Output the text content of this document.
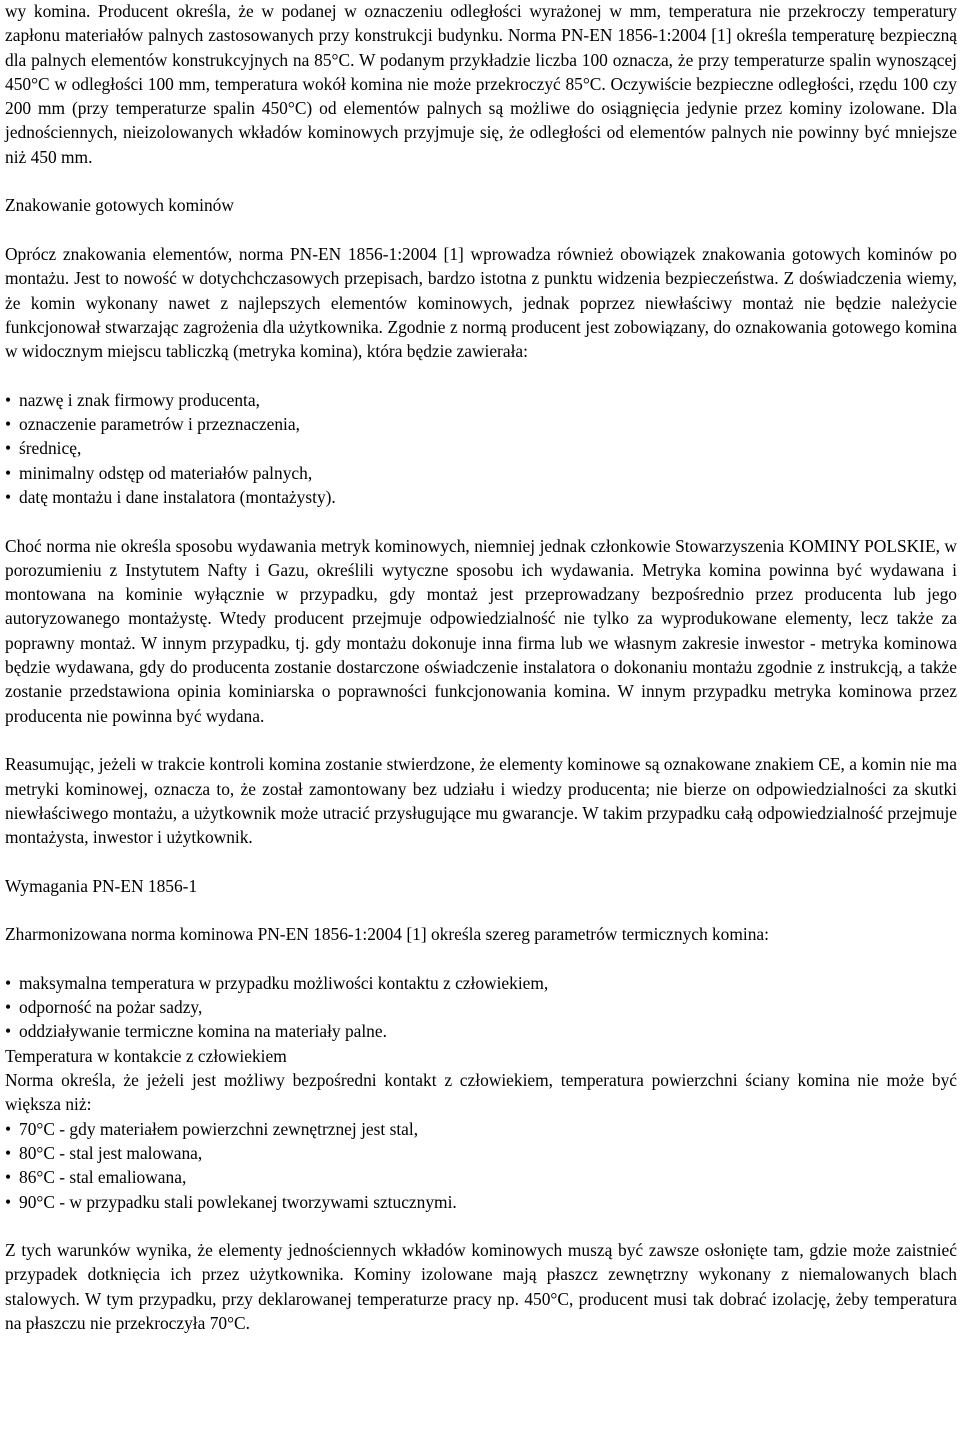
wy komina. Producent określa, że w podanej w oznaczeniu odległości wyrażonej w mm, temperatura nie przekroczy temperatury zapłonu materiałów palnych zastosowanych przy konstrukcji budynku. Norma PN-EN 1856-1:2004 [1] określa temperaturę bezpieczną dla palnych elementów konstrukcyjnych na 85°C. W podanym przykładzie liczba 100 oznacza, że przy temperaturze spalin wynoszącej 450°C w odległości 100 mm, temperatura wokół komina nie może przekroczyć 85°C. Oczywiście bezpieczne odległości, rzędu 100 czy 200 mm (przy temperaturze spalin 450°C) od elementów palnych są możliwe do osiągnięcia jedynie przez kominy izolowane. Dla jednościennych, nieizolowanych wkładów kominowych przyjmuje się, że odległości od elementów palnych nie powinny być mniejsze niż 450 mm.

Znakowanie gotowych kominów

Oprócz znakowania elementów, norma PN-EN 1856-1:2004 [1] wprowadza również obowiązek znakowania gotowych kominów po montażu. Jest to nowość w dotychchczasowych przepisach, bardzo istotna z punktu widzenia bezpieczeństwa. Z doświadczenia wiemy, że komin wykonany nawet z najlepszych elementów kominowych, jednak poprzez niewłaściwy montaż nie będzie należycie funkcjonował stwarzając zagrożenia dla użytkownika. Zgodnie z normą producent jest zobowiązany, do oznakowania gotowego komina w widocznym miejscu tabliczką (metryka komina), która będzie zawierała:

• nazwę i znak firmowy producenta,
• oznaczenie parametrów i przeznaczenia,
• średnicę,
• minimalny odstęp od materiałów palnych,
• datę montażu i dane instalatora (montażysty).

Choć norma nie określa sposobu wydawania metryk kominowych, niemniej jednak członkowie Stowarzyszenia KOMINY POLSKIE, w porozumieniu z Instytutem Nafty i Gazu, określili wytyczne sposobu ich wydawania. Metryka komina powinna być wydawana i montowana na kominie wyłącznie w przypadku, gdy montaż jest przeprowadzany bezpośrednio przez producenta lub jego autoryzowanego montażystę. Wtedy producent przejmuje odpowiedzialność nie tylko za wyprodukowane elementy, lecz także za poprawny montaż. W innym przypadku, tj. gdy montażu dokonuje inna firma lub we własnym zakresie inwestor - metryka kominowa będzie wydawana, gdy do producenta zostanie dostarczone oświadczenie instalatora o dokonaniu montażu zgodnie z instrukcją, a także zostanie przedstawiona opinia kominiarska o poprawności funkcjonowania komina. W innym przypadku metryka kominowa przez producenta nie powinna być wydana.

Reasumując, jeżeli w trakcie kontroli komina zostanie stwierdzone, że elementy kominowe są oznakowane znakiem CE, a komin nie ma metryki kominowej, oznacza to, że został zamontowany bez udziału i wiedzy producenta; nie bierze on odpowiedzialności za skutki niewłaściwego montażu, a użytkownik może utracić przysługujące mu gwarancje. W takim przypadku całą odpowiedzialność przejmuje montażysta, inwestor i użytkownik.

Wymagania PN-EN 1856-1

Zharmonizowana norma kominowa PN-EN 1856-1:2004 [1] określa szereg parametrów termicznych komina:

• maksymalna temperatura w przypadku możliwości kontaktu z człowiekiem,
• odporność na pożar sadzy,
• oddziaływanie termiczne komina na materiały palne.

Temperatura w kontakcie z człowiekiem

Norma określa, że jeżeli jest możliwy bezpośredni kontakt z człowiekiem, temperatura powierzchni ściany komina nie może być większa niż:

• 70°C - gdy materiałem powierzchni zewnętrznej jest stal,
• 80°C - stal jest malowana,
• 86°C - stal emaliowana,
• 90°C - w przypadku stali powlekanej tworzywami sztucznymi.

Z tych warunków wynika, że elementy jednościennych wkładów kominowych muszą być zawsze osłonięte tam, gdzie może zaistnieć przypadek dotknięcia ich przez użytkownika. Kominy izolowane mają płaszcz zewnętrzny wykonany z niemalowanych blach stalowych. W tym przypadku, przy deklarowanej temperaturze pracy np. 450°C, producent musi tak dobrać izolację, żeby temperatura na płaszczu nie przekroczyła 70°C.
